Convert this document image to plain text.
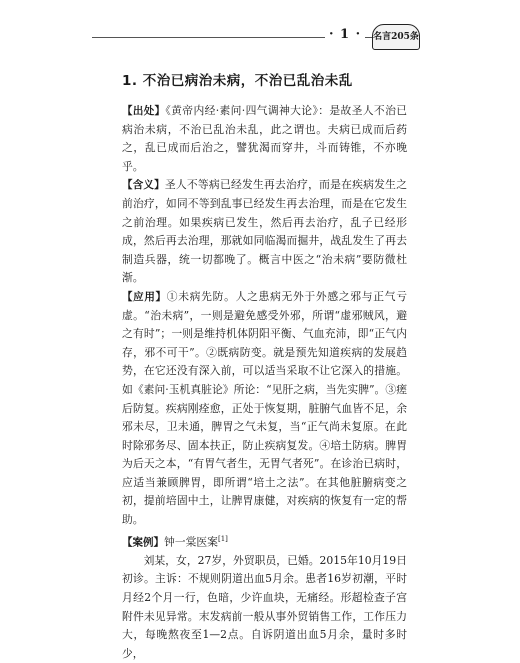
· 1 ·	名言205条
1. 不治已病治未病，不治已乱治未乱

【出处】《黄帝内经·素问·四气调神大论》：是故圣人不治已病治未病，不治已乱治未乱，此之谓也。夫病已成而后药之，乱已成而后治之，譬犹渴而穿井，斗而铸锥，不亦晚乎。

【含义】圣人不等病已经发生再去治疗，而是在疾病发生之前治疗，如同不等到乱事已经发生再去治理，而是在它发生之前治理。如果疾病已发生，然后再去治疗，乱子已经形成，然后再去治理，那就如同临渴而掘井，战乱发生了再去制造兵器，统一切都晚了。概言中医之“治未病”要防微杜渐。

【应用】①未病先防。人之患病无外于外感之邪与正气亏虚。“治未病”，一则是避免感受外邪，所谓“虚邪贼风，避之有时”；一则是维持机体阴阳平衡、气血充沛，即“正气内存，邪不可干”。②既病防变。就是预先知道疾病的发展趋势，在它还没有深入前，可以适当采取不让它深入的措施。如《素问·玉机真脏论》所论：“见肝之病，当先实脾”。③瘥后防复。疾病刚痊愈，正处于恢复期，脏腑气血皆不足，余邪未尽，卫未通，脾胃之气未复，当“正气尚未复原。在此时除邪务尽、固本扶正，防止疾病复发。④培土防病。脾胃为后天之本，“有胃气者生，无胃气者死”。在诊治已病时，应适当兼顾脾胃，即所谓“培土之法”。在其他脏腑病变之初，提前培固中土，让脾胃康健，对疾病的恢复有一定的帮助。

【案例】钟一棠医案[1]

刘某，女，27岁，外贸职员，已婚。2015年10月19日初诊。主诉：不规则阴道出血5月余。患者16岁初潮，平时月经2个月一行，色暗，少许血块，无痛经。形超检查子宫附件未见异常。末发病前一般从事外贸销售工作，工作压力大，每晚熬夜至1—2点。自诉阴道出血5月余，量时多时少，
